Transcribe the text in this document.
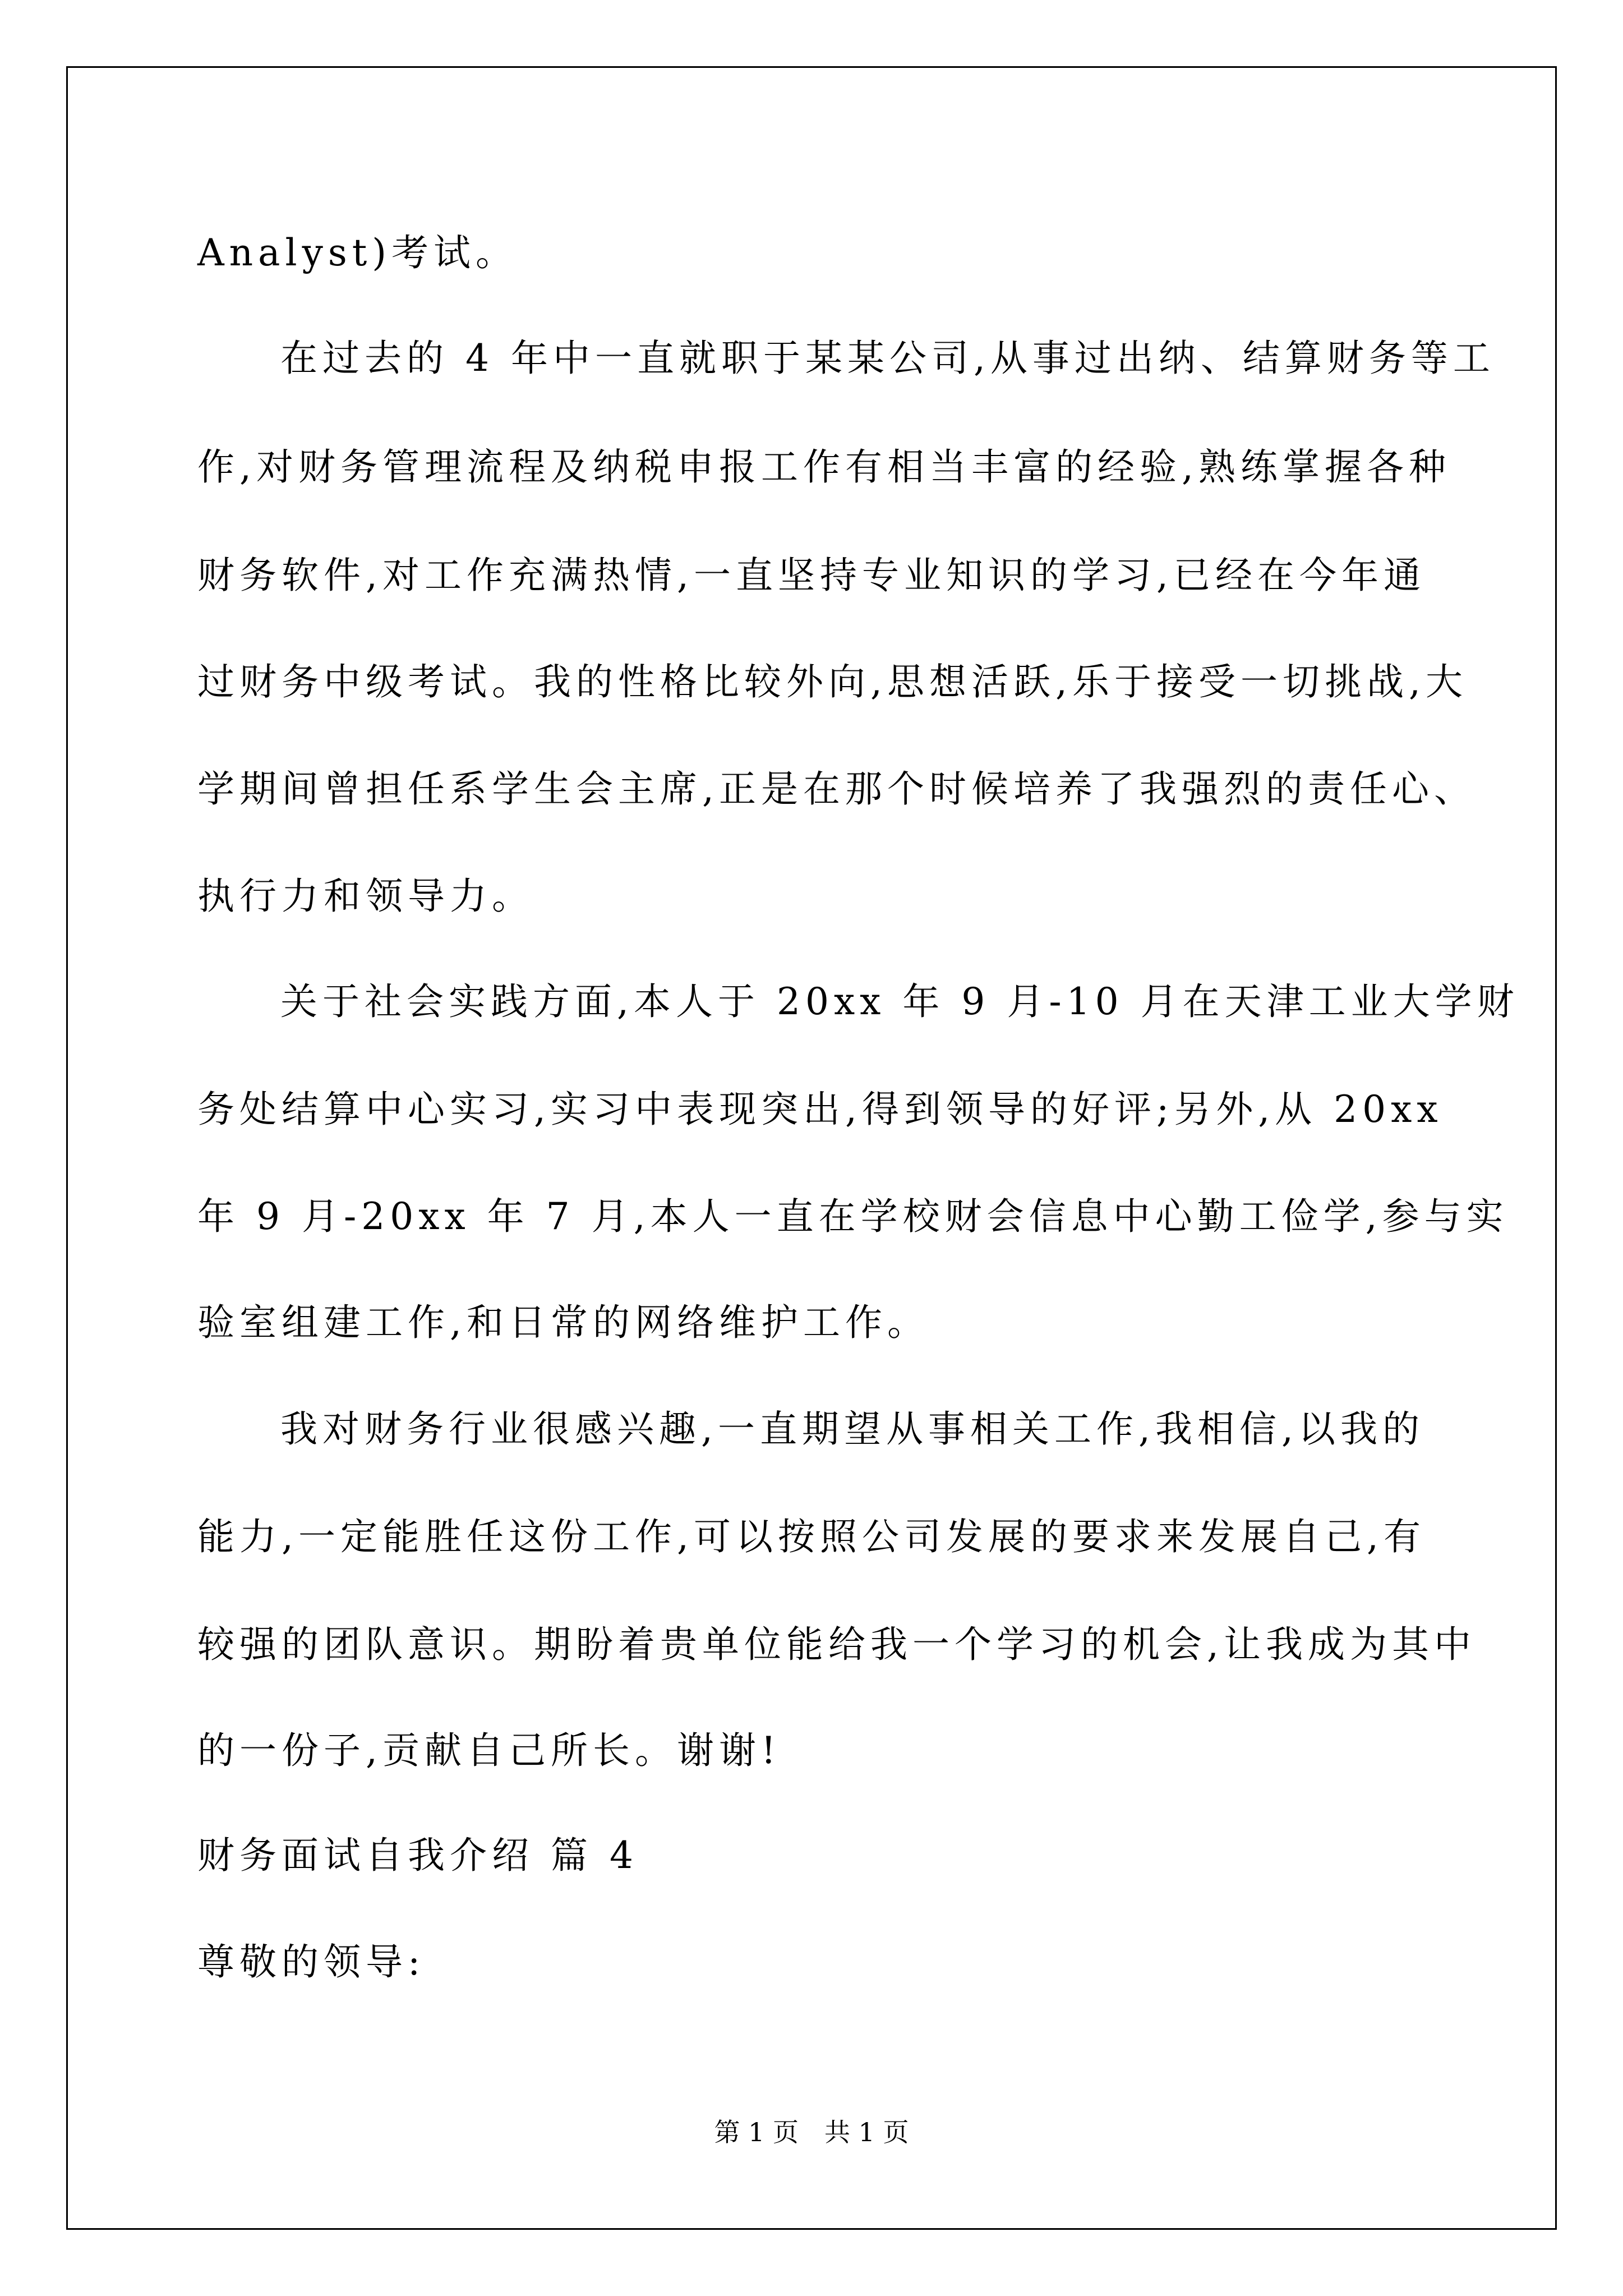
Analyst)考试。
在过去的 4 年中一直就职于某某公司,从事过出纳、结算财务等工
作,对财务管理流程及纳税申报工作有相当丰富的经验,熟练掌握各种
财务软件,对工作充满热情,一直坚持专业知识的学习,已经在今年通
过财务中级考试。我的性格比较外向,思想活跃,乐于接受一切挑战,大
学期间曾担任系学生会主席,正是在那个时候培养了我强烈的责任心、
执行力和领导力。
关于社会实践方面,本人于 20xx 年 9 月-10 月在天津工业大学财
务处结算中心实习,实习中表现突出,得到领导的好评;另外,从 20xx
年 9 月-20xx 年 7 月,本人一直在学校财会信息中心勤工俭学,参与实
验室组建工作,和日常的网络维护工作。
我对财务行业很感兴趣,一直期望从事相关工作,我相信,以我的
能力,一定能胜任这份工作,可以按照公司发展的要求来发展自己,有
较强的团队意识。期盼着贵单位能给我一个学习的机会,让我成为其中
的一份子,贡献自己所长。谢谢!
财务面试自我介绍 篇 4
尊敬的领导:
第 1 页 共 1 页
